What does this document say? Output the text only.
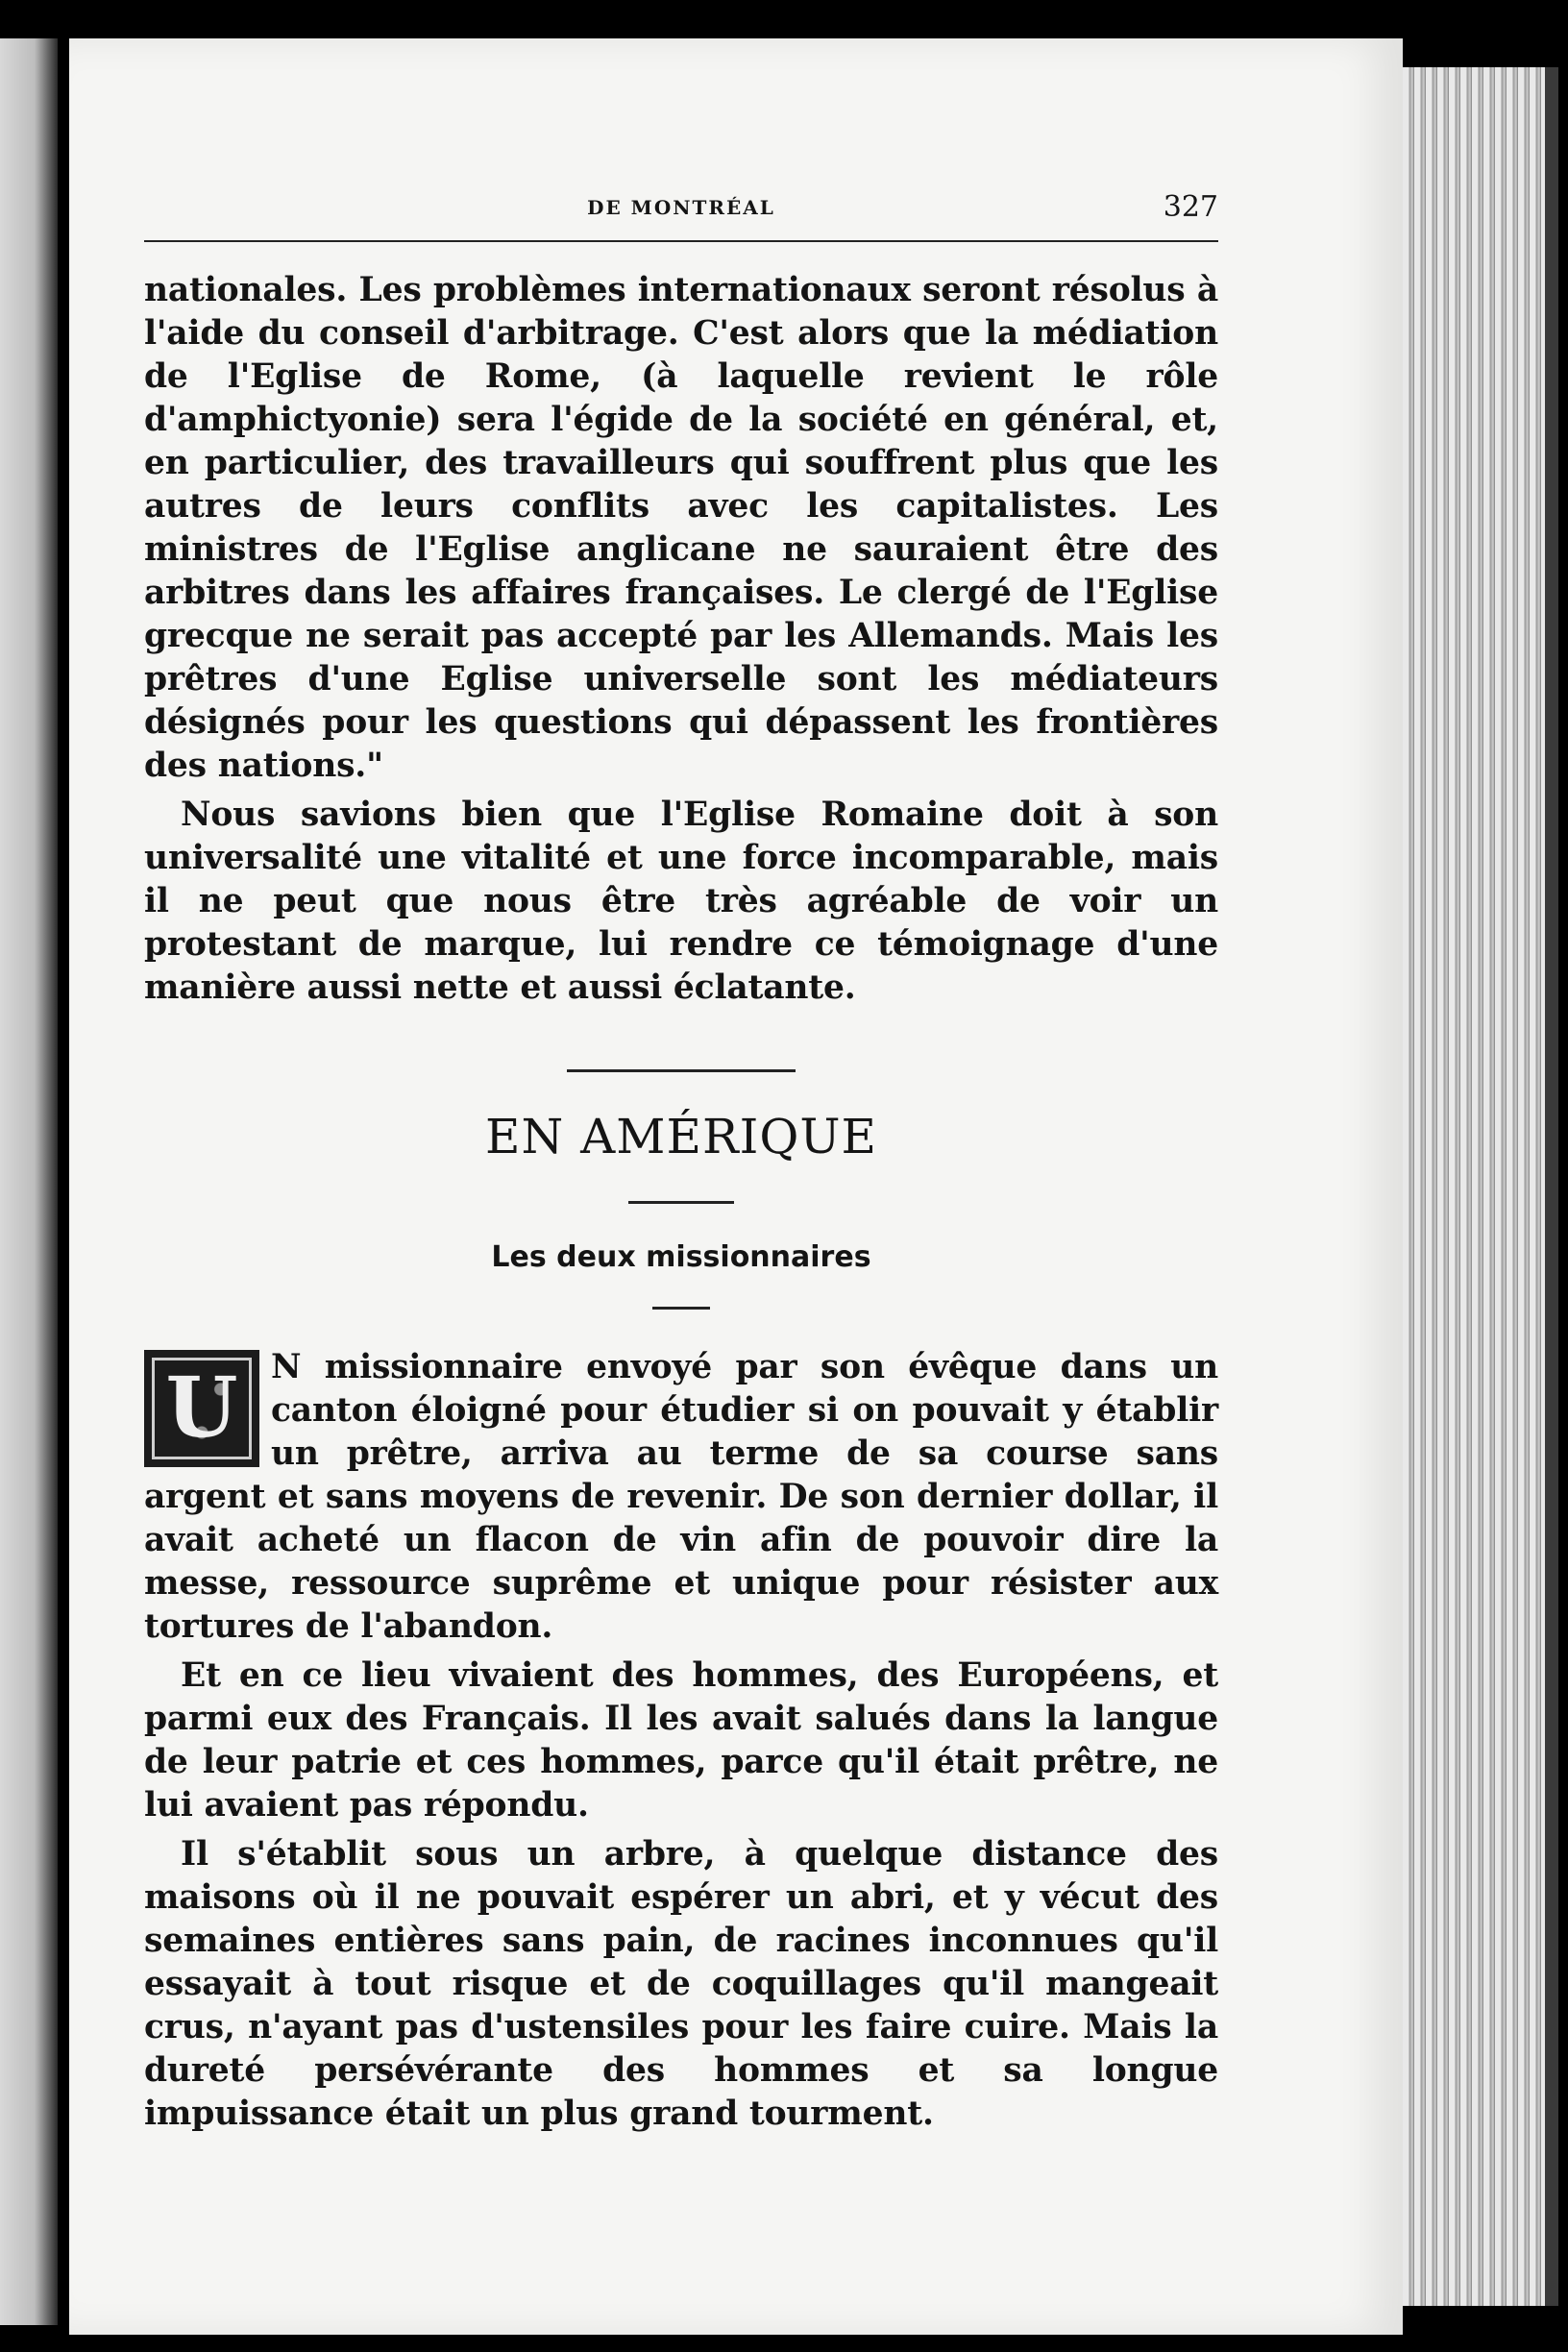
DE MONTRÉAL	327

nationales. Les problèmes internationaux seront résolus à l'aide du conseil d'arbitrage. C'est alors que la médiation de l'Eglise de Rome, (à laquelle revient le rôle d'amphictyonie) sera l'égide de la société en général, et, en particulier, des travailleurs qui souffrent plus que les autres de leurs conflits avec les capitalistes. Les ministres de l'Eglise anglicane ne sauraient être des arbitres dans les affaires françaises. Le clergé de l'Eglise grecque ne serait pas accepté par les Allemands. Mais les prêtres d'une Eglise universelle sont les médiateurs désignés pour les questions qui dépassent les frontières des nations."

Nous savions bien que l'Eglise Romaine doit à son universalité une vitalité et une force incomparable, mais il ne peut que nous être très agréable de voir un protestant de marque, lui rendre ce témoignage d'une manière aussi nette et aussi éclatante.

EN AMÉRIQUE
Les deux missionnaires
U	N missionnaire envoyé par son évêque dans un canton éloigné pour étudier si on pouvait y établir un prêtre, arriva au terme de sa course sans argent et sans moyens de revenir. De son dernier dollar, il avait acheté un flacon de vin afin de pouvoir dire la messe, ressource suprême et unique pour résister aux tortures de l'abandon.

Et en ce lieu vivaient des hommes, des Européens, et parmi eux des Français. Il les avait salués dans la langue de leur patrie et ces hommes, parce qu'il était prêtre, ne lui avaient pas répondu.

Il s'établit sous un arbre, à quelque distance des maisons où il ne pouvait espérer un abri, et y vécut des semaines entières sans pain, de racines inconnues qu'il essayait à tout risque et de coquillages qu'il mangeait crus, n'ayant pas d'ustensiles pour les faire cuire. Mais la dureté persévérante des hommes et sa longue impuissance était un plus grand tourment.
